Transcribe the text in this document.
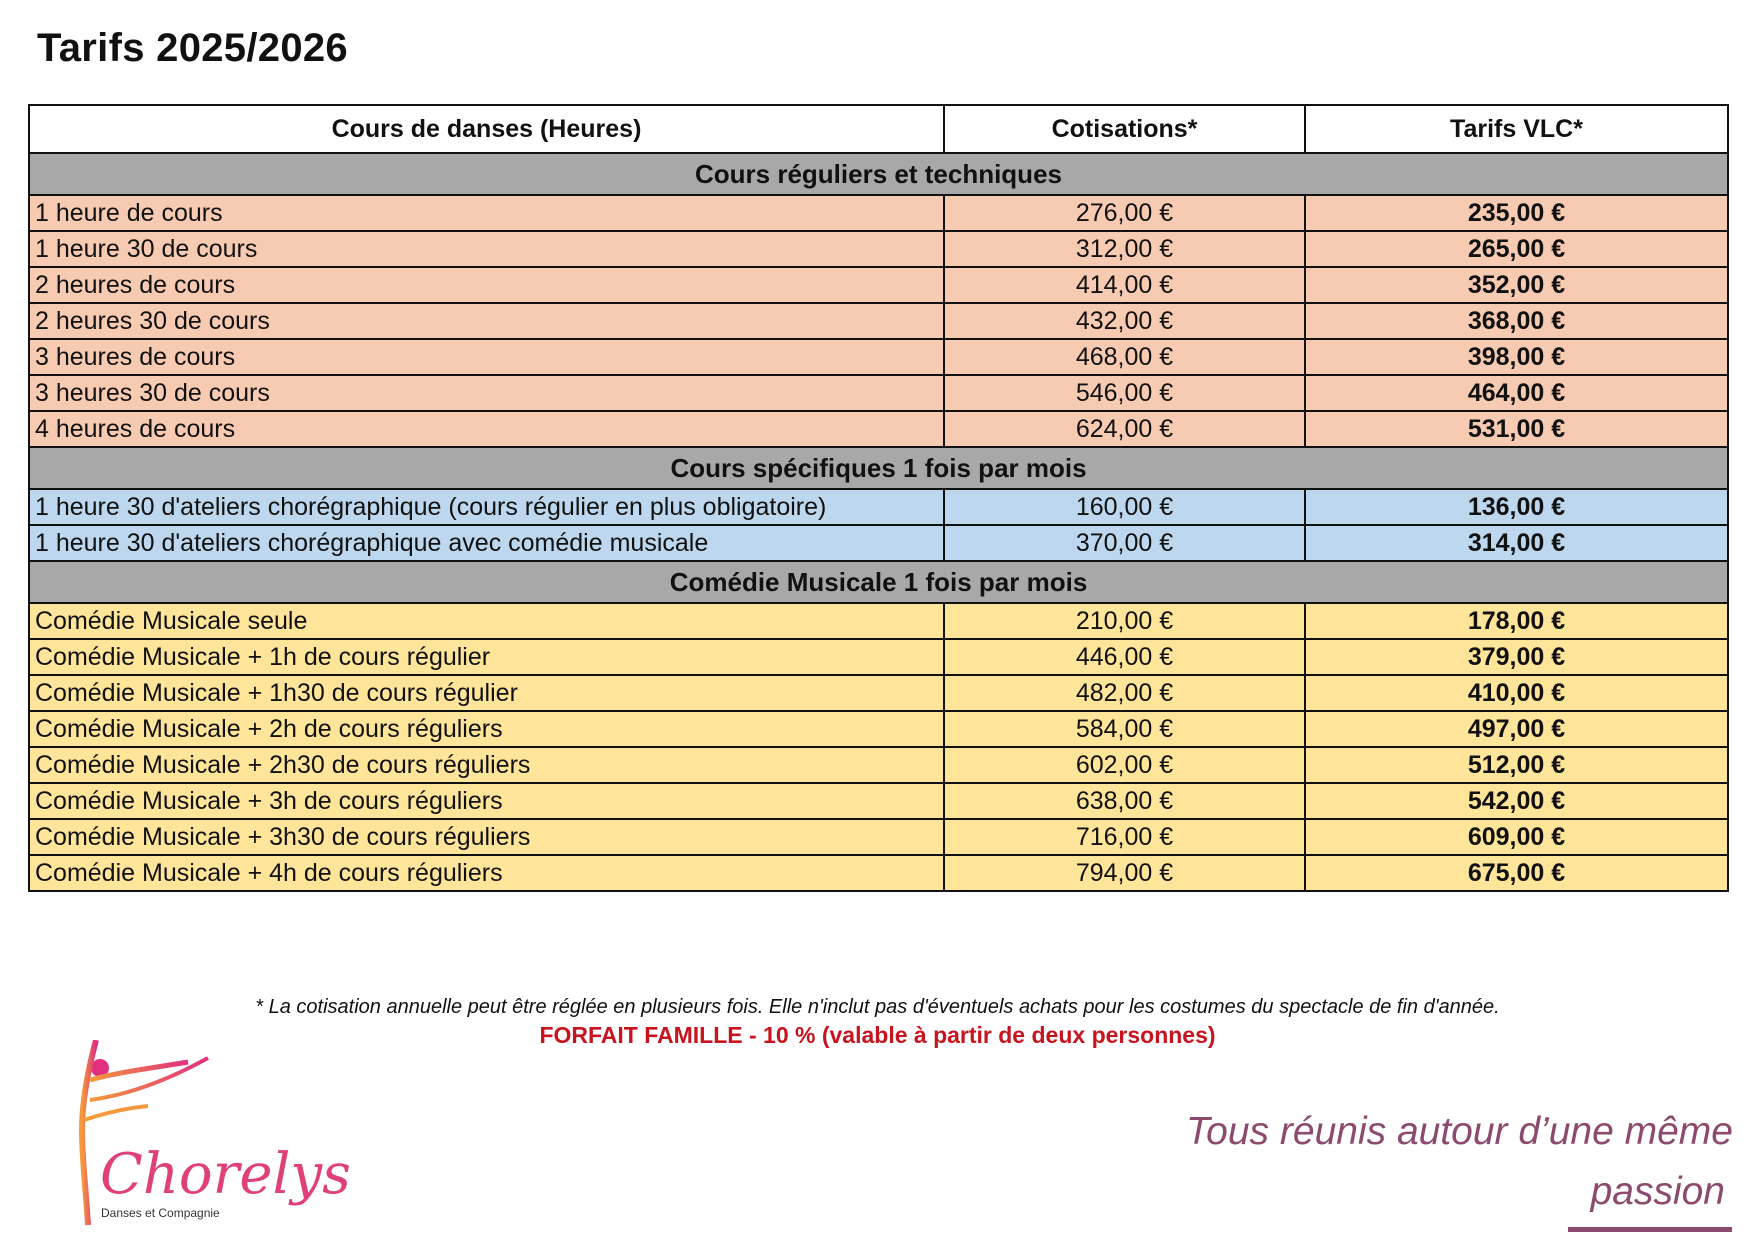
Tarifs 2025/2026
Cours de danses (Heures)	Cotisations*	Tarifs VLC*
Cours réguliers et techniques		
1 heure de cours	276,00 €	235,00 €
1 heure 30 de cours	312,00 €	265,00 €
2 heures de cours	414,00 €	352,00 €
2 heures 30 de cours	432,00 €	368,00 €
3 heures de cours	468,00 €	398,00 €
3 heures 30 de cours	546,00 €	464,00 €
4 heures de cours	624,00 €	531,00 €
Cours spécifiques 1 fois par mois		
1 heure 30 d'ateliers chorégraphique (cours régulier en plus obligatoire)	160,00 €	136,00 €
1 heure 30 d'ateliers chorégraphique avec comédie musicale	370,00 €	314,00 €
Comédie Musicale 1 fois par mois		
Comédie Musicale seule	210,00 €	178,00 €
Comédie Musicale + 1h de cours régulier	446,00 €	379,00 €
Comédie Musicale + 1h30 de cours régulier	482,00 €	410,00 €
Comédie Musicale + 2h de cours réguliers	584,00 €	497,00 €
Comédie Musicale + 2h30 de cours réguliers	602,00 €	512,00 €
Comédie Musicale + 3h de cours réguliers	638,00 €	542,00 €
Comédie Musicale + 3h30 de cours réguliers	716,00 €	609,00 €
Comédie Musicale + 4h de cours réguliers	794,00 €	675,00 €
* La cotisation annuelle peut être réglée en plusieurs fois. Elle n'inclut pas d'éventuels achats pour les costumes du spectacle de fin d'année.
FORFAIT FAMILLE - 10 % (valable à partir de deux personnes)
Chorelys
Danses et Compagnie
Tous réunis autour d’une même
passion
